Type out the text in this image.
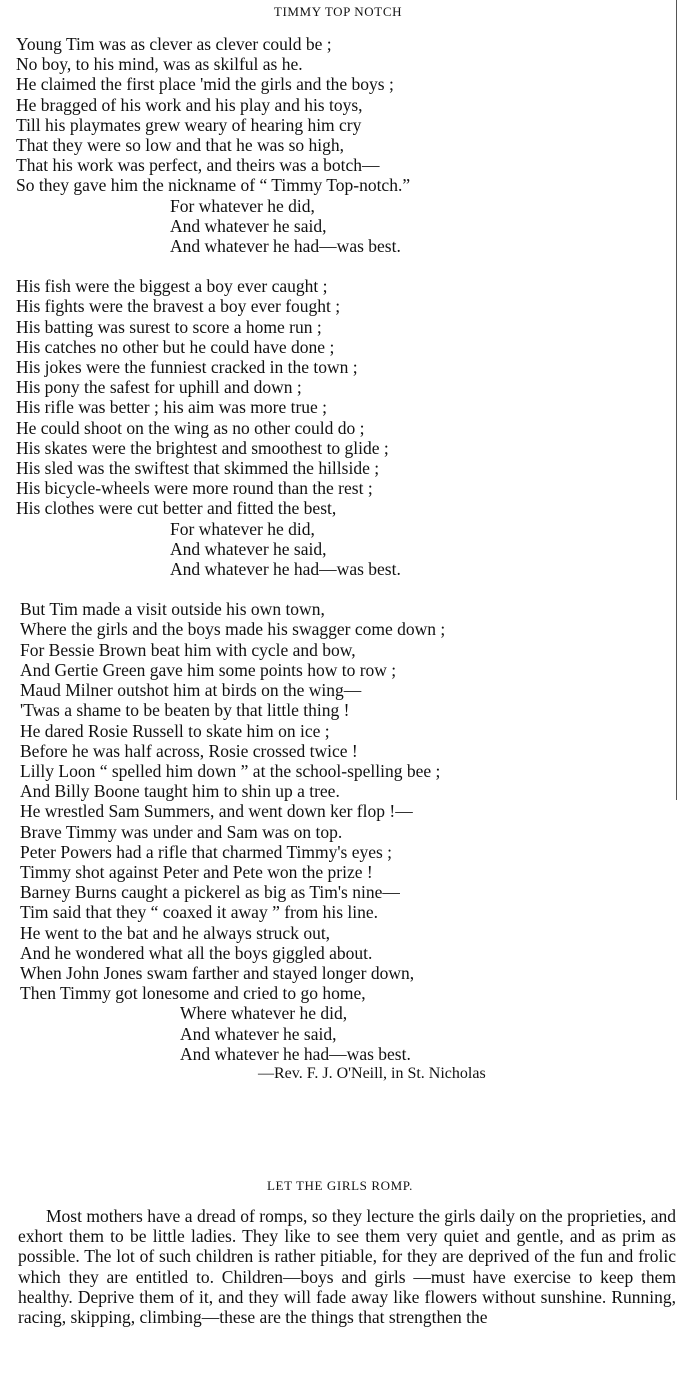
TIMMY TOP NOTCH

Young Tim was as clever as clever could be ;
No boy, to his mind, was as skilful as he.
He claimed the first place 'mid the girls and the boys ;
He bragged of his work and his play and his toys,
Till his playmates grew weary of hearing him cry
That they were so low and that he was so high,
That his work was perfect, and theirs was a botch—
So they gave him the nickname of “ Timmy Top-notch.”
For whatever he did,
And whatever he said,
And whatever he had—was best.
His fish were the biggest a boy ever caught ;
His fights were the bravest a boy ever fought ;
His batting was surest to score a home run ;
His catches no other but he could have done ;
His jokes were the funniest cracked in the town ;
His pony the safest for uphill and down ;
His rifle was better ; his aim was more true ;
He could shoot on the wing as no other could do ;
His skates were the brightest and smoothest to glide ;
His sled was the swiftest that skimmed the hillside ;
His bicycle-wheels were more round than the rest ;
His clothes were cut better and fitted the best,
For whatever he did,
And whatever he said,
And whatever he had—was best.
But Tim made a visit outside his own town,
Where the girls and the boys made his swagger come down ;
For Bessie Brown beat him with cycle and bow,
And Gertie Green gave him some points how to row ;
Maud Milner outshot him at birds on the wing—
'Twas a shame to be beaten by that little thing !
He dared Rosie Russell to skate him on ice ;
Before he was half across, Rosie crossed twice !
Lilly Loon “ spelled him down ” at the school-spelling bee ;
And Billy Boone taught him to shin up a tree.
He wrestled Sam Summers, and went down ker flop !—
Brave Timmy was under and Sam was on top.
Peter Powers had a rifle that charmed Timmy's eyes ;
Timmy shot against Peter and Pete won the prize !
Barney Burns caught a pickerel as big as Tim's nine—
Tim said that they “ coaxed it away ” from his line.
He went to the bat and he always struck out,
And he wondered what all the boys giggled about.
When John Jones swam farther and stayed longer down,
Then Timmy got lonesome and cried to go home,
Where whatever he did,
And whatever he said,
And whatever he had—was best.
—Rev. F. J. O'Neill, in St. Nicholas

LET THE GIRLS ROMP.

Most mothers have a dread of romps, so they lecture the girls daily on the proprieties, and exhort them to be little ladies. They like to see them very quiet and gentle, and as prim as possible. The lot of such children is rather pitiable, for they are deprived of the fun and frolic which they are entitled to. Children—boys and girls —must have exercise to keep them healthy. Deprive them of it, and they will fade away like flowers without sunshine. Running, racing, skipping, climbing—these are the things that strengthen the
